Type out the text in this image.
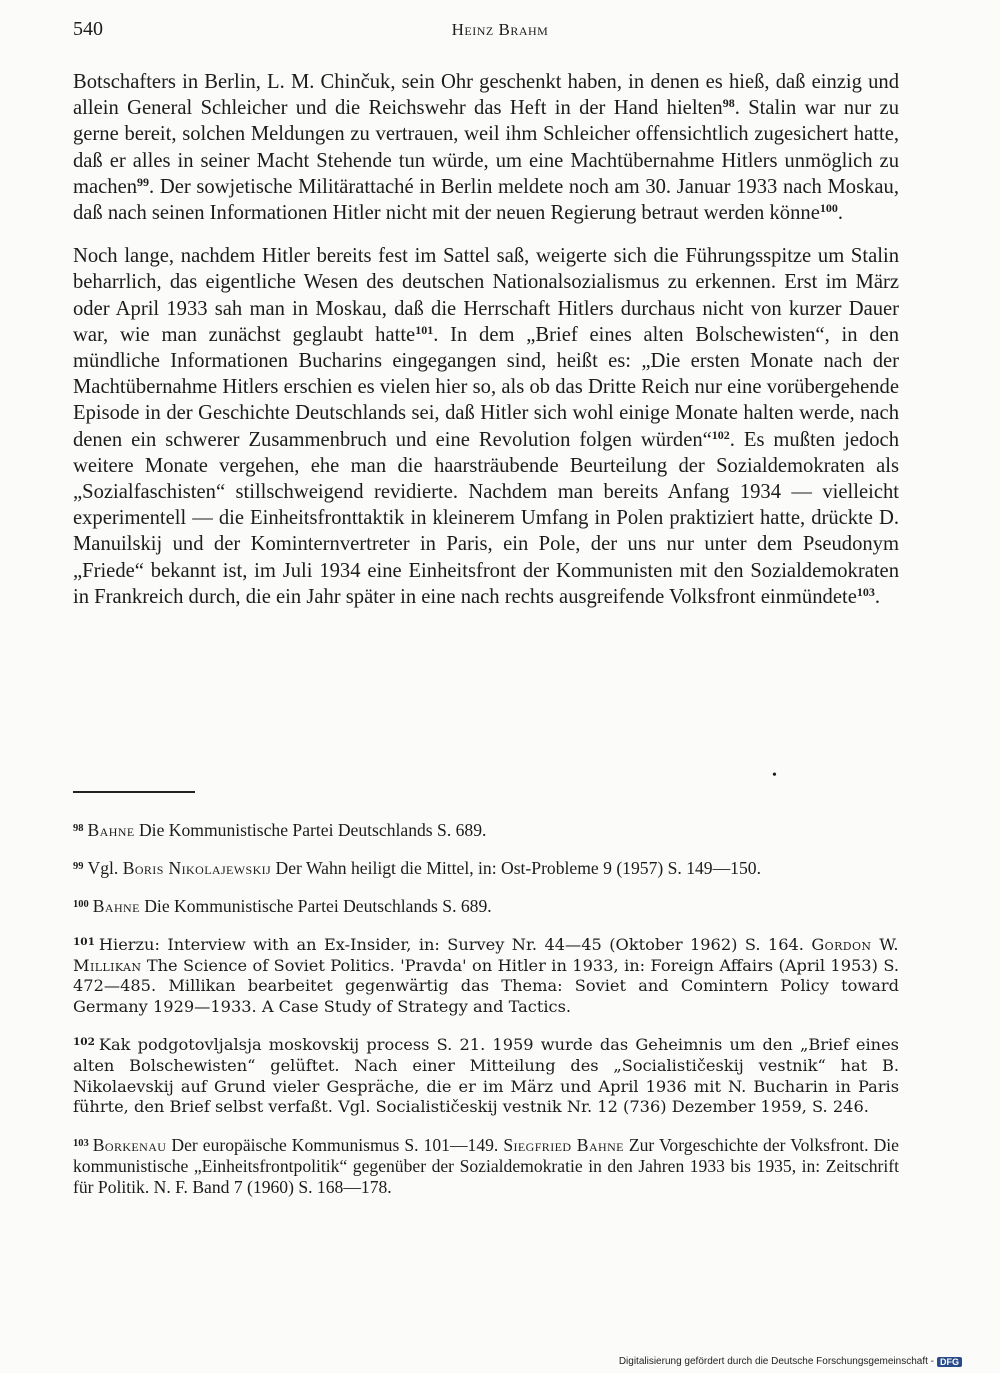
540	Heinz Brahm

Botschafters in Berlin, L. M. Chinčuk, sein Ohr geschenkt haben, in denen es hieß, daß einzig und allein General Schleicher und die Reichswehr das Heft in der Hand hielten$^{98}$. Stalin war nur zu gerne bereit, solchen Meldungen zu vertrauen, weil ihm Schleicher offensichtlich zugesichert hatte, daß er alles in seiner Macht Stehende tun würde, um eine Machtübernahme Hitlers unmöglich zu machen$^{99}$. Der sowjetische Militärattaché in Berlin meldete noch am 30. Januar 1933 nach Moskau, daß nach seinen Informationen Hitler nicht mit der neuen Regierung betraut werden könne$^{100}$.

Noch lange, nachdem Hitler bereits fest im Sattel saß, weigerte sich die Führungsspitze um Stalin beharrlich, das eigentliche Wesen des deutschen Nationalsozialismus zu erkennen. Erst im März oder April 1933 sah man in Moskau, daß die Herrschaft Hitlers durchaus nicht von kurzer Dauer war, wie man zunächst geglaubt hatte$^{101}$. In dem „Brief eines alten Bolschewisten“, in den mündliche Informationen Bucharins eingegangen sind, heißt es: „Die ersten Monate nach der Machtübernahme Hitlers erschien es vielen hier so, als ob das Dritte Reich nur eine vorübergehende Episode in der Geschichte Deutschlands sei, daß Hitler sich wohl einige Monate halten werde, nach denen ein schwerer Zusammenbruch und eine Revolution folgen würden“$^{102}$. Es mußten jedoch weitere Monate vergehen, ehe man die haarsträubende Beurteilung der Sozialdemokraten als „Sozialfaschisten“ stillschweigend revidierte. Nachdem man bereits Anfang 1934 — vielleicht experimentell — die Einheitsfronttaktik in kleinerem Umfang in Polen praktiziert hatte, drückte D. Manuilskij und der Kominternvertreter in Paris, ein Pole, der uns nur unter dem Pseudonym „Friede“ bekannt ist, im Juli 1934 eine Einheitsfront der Kommunisten mit den Sozialdemokraten in Frankreich durch, die ein Jahr später in eine nach rechts ausgreifende Volksfront einmündete$^{103}$.

•

$^{98}$ Bahne Die Kommunistische Partei Deutschlands S. 689.

$^{99}$ Vgl. Boris Nikolajewskij Der Wahn heiligt die Mittel, in: Ost-Probleme 9 (1957) S. 149—150.

$^{100}$ Bahne Die Kommunistische Partei Deutschlands S. 689.

$^{101}$ Hierzu: Interview with an Ex-Insider, in: Survey Nr. 44—45 (Oktober 1962) S. 164. Gordon W. Millikan The Science of Soviet Politics. 'Pravda' on Hitler in 1933, in: Foreign Affairs (April 1953) S. 472—485. Millikan bearbeitet gegenwärtig das Thema: Soviet and Comintern Policy toward Germany 1929—1933. A Case Study of Strategy and Tactics.

$^{102}$ Kak podgotovljalsja moskovskij process S. 21. 1959 wurde das Geheimnis um den „Brief eines alten Bolschewisten“ gelüftet. Nach einer Mitteilung des „Socialističeskij vestnik“ hat B. Nikolaevskij auf Grund vieler Gespräche, die er im März und April 1936 mit N. Bucharin in Paris führte, den Brief selbst verfaßt. Vgl. Socialističeskij vestnik Nr. 12 (736) Dezember 1959, S. 246.

$^{103}$ Borkenau Der europäische Kommunismus S. 101—149. Siegfried Bahne Zur Vorgeschichte der Volksfront. Die kommunistische „Einheitsfrontpolitik“ gegenüber der Sozialdemokratie in den Jahren 1933 bis 1935, in: Zeitschrift für Politik. N. F. Band 7 (1960) S. 168—178.

Digitalisierung gefördert durch die Deutsche Forschungsgemeinschaft - DFG
